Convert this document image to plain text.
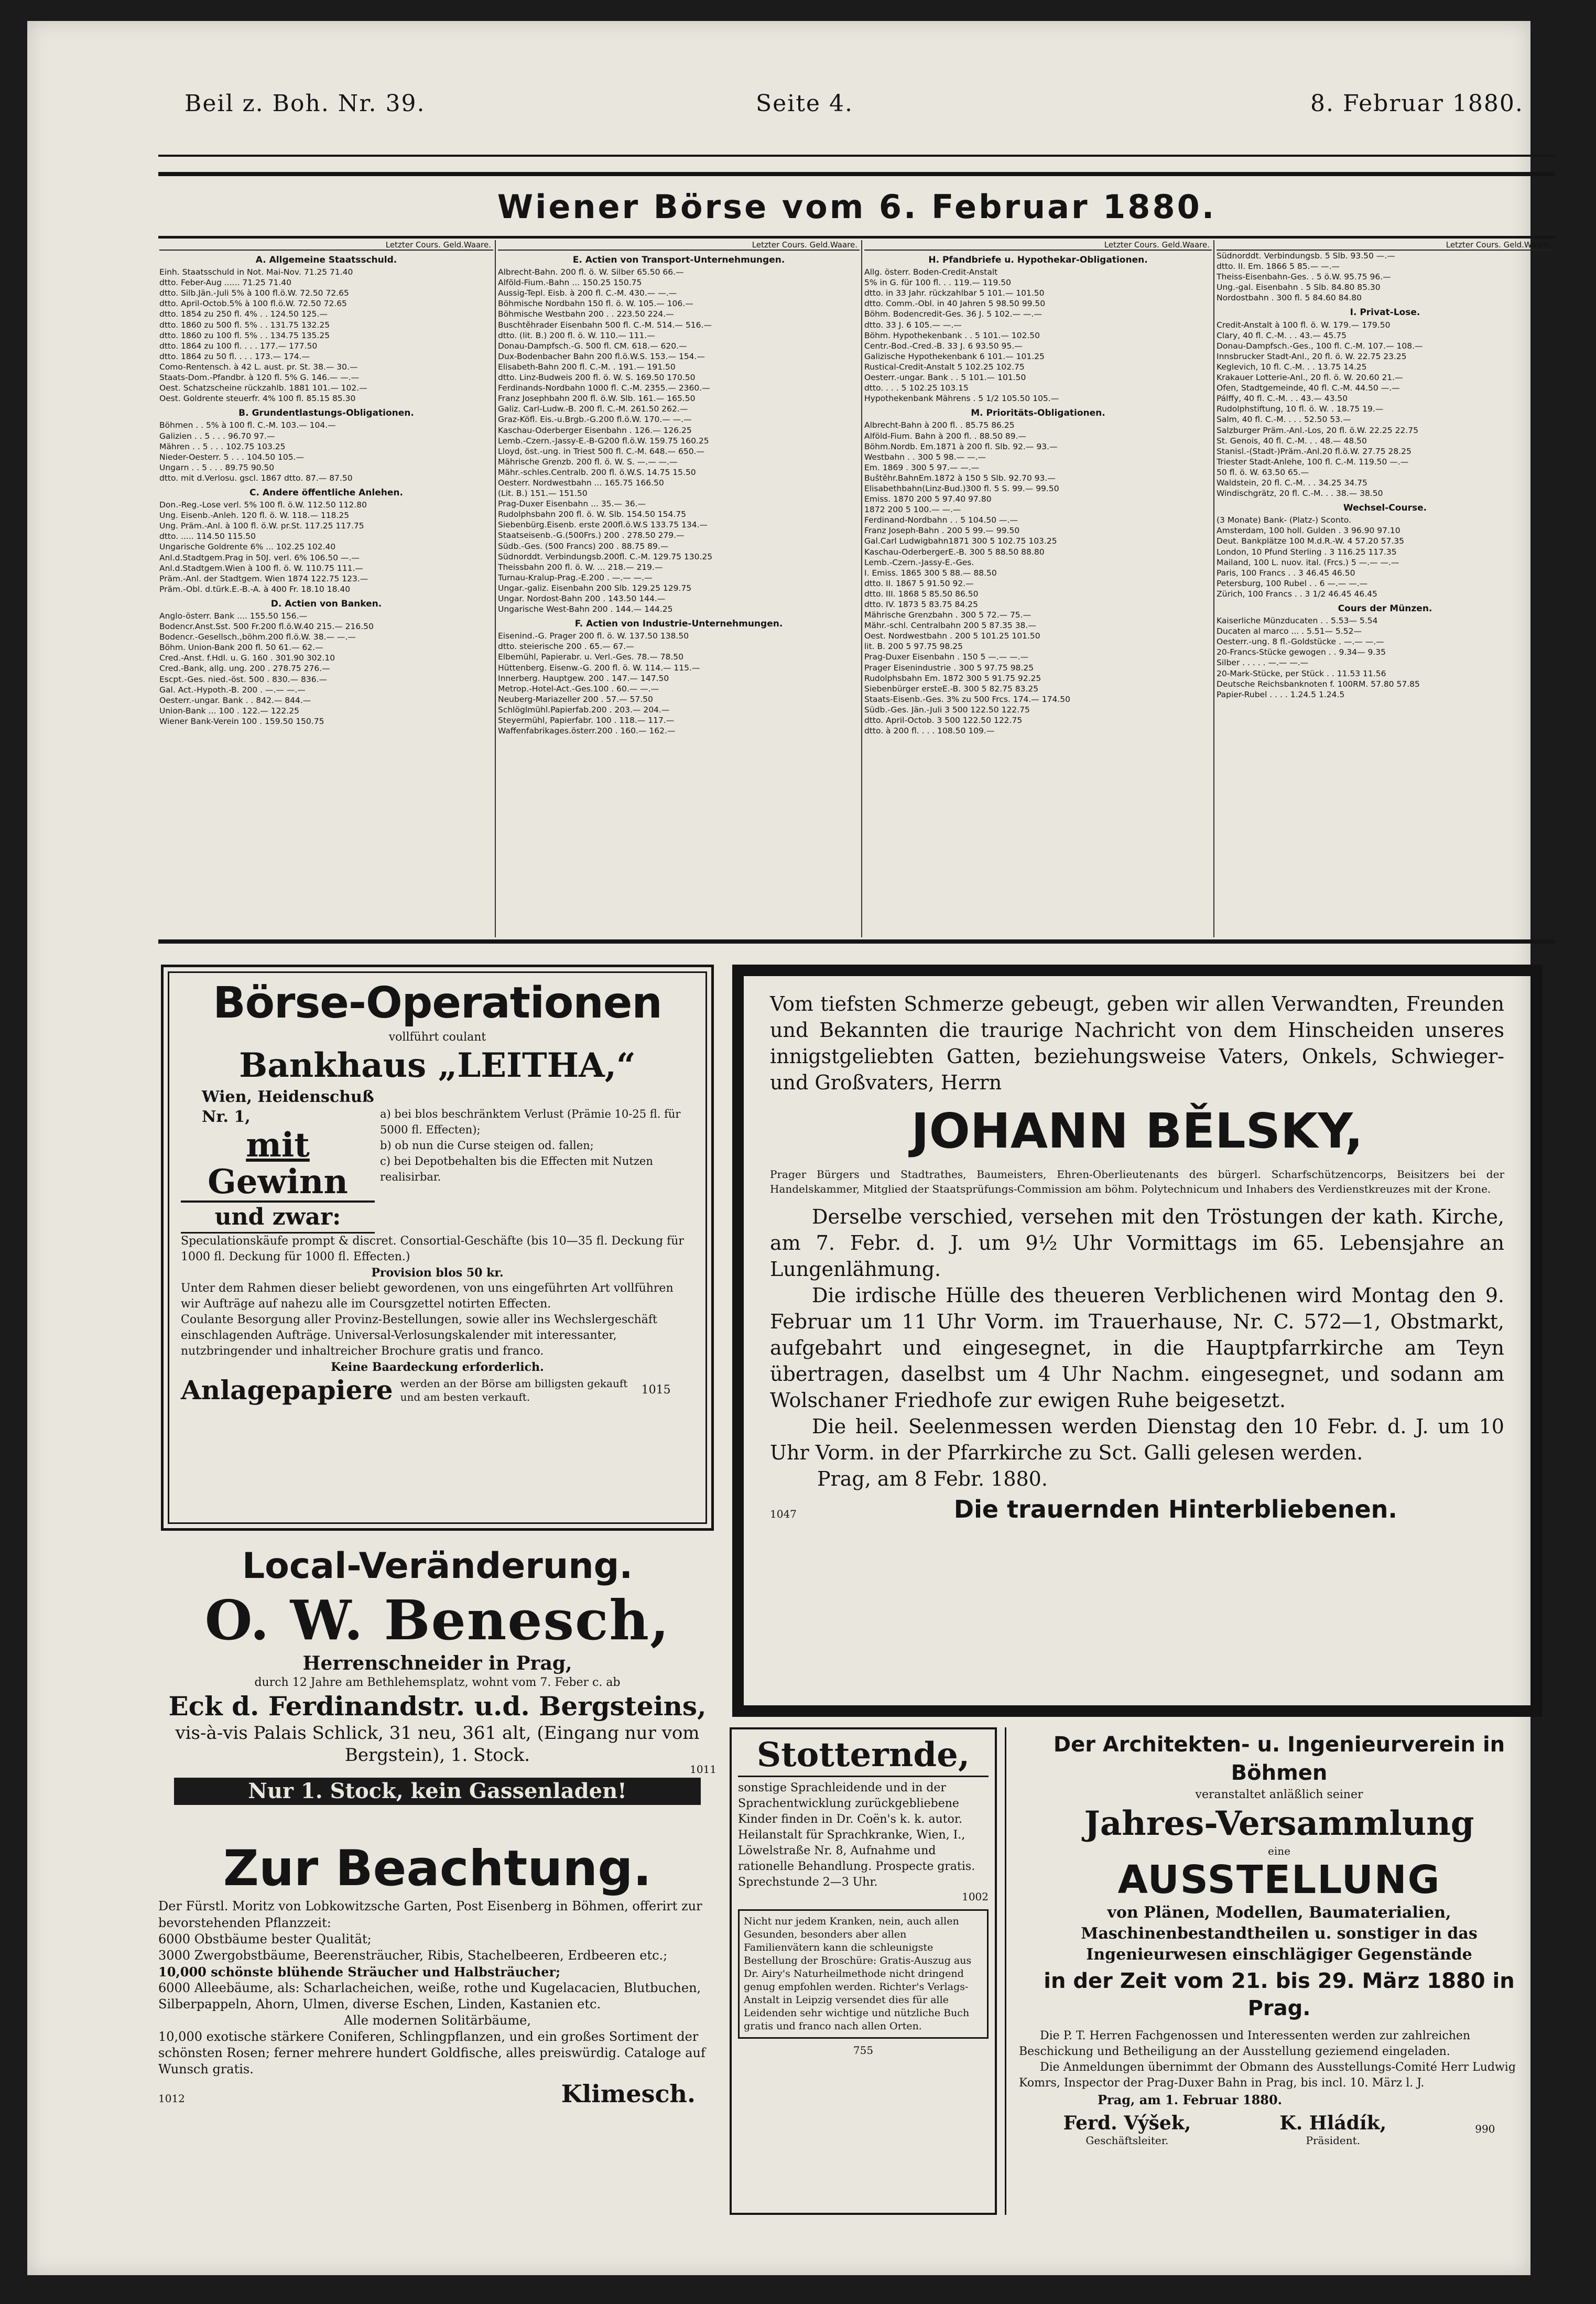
Beil z. Boh. Nr. 39.	Seite 4.	8. Februar 1880.
Wiener Börse vom 6. Februar 1880.
Letzter Cours. Geld.Waare.
A. Allgemeine Staatsschuld.
Einh. Staatsschuld in Not. Mai-Nov. 71.25 71.40
dtto. Feber-Aug ...... 71.25 71.40
dtto. Silb.Jän.-Juli 5% à 100 fl.ö.W. 72.50 72.65
dtto. April-Octob.5% à 100 fl.ö.W. 72.50 72.65
dtto. 1854 zu 250 fl. 4% . . 124.50 125.—
dtto. 1860 zu 500 fl. 5% . . 131.75 132.25
dtto. 1860 zu 100 fl. 5% . . 134.75 135.25
dtto. 1864 zu 100 fl. . . . 177.— 177.50
dtto. 1864 zu 50 fl. . . . 173.— 174.—
Como-Rentensch. à 42 L. aust. pr. St. 38.— 30.—
Staats-Dom.-Pfandbr. à 120 fl. 5% G. 146.— —.—
Oest. Schatzscheine rückzahlb. 1881 101.— 102.—
Oest. Goldrente steuerfr. 4% 100 fl. 85.15 85.30
B. Grundentlastungs-Obligationen.
Böhmen . . 5% à 100 fl. C.-M. 103.— 104.—
Galizien . . 5 . . . 96.70 97.—
Mähren . . 5 . . . 102.75 103.25
Nieder-Oesterr. 5 . . . 104.50 105.—
Ungarn . . 5 . . . 89.75 90.50
dtto. mit d.Verlosu. gscl. 1867 dtto. 87.— 87.50
C. Andere öffentliche Anlehen.
Don.-Reg.-Lose verl. 5% 100 fl. ö.W. 112.50 112.80
Ung. Eisenb.-Anleh. 120 fl. ö. W. 118.— 118.25
Ung. Präm.-Anl. à 100 fl. ö.W. pr.St. 117.25 117.75
dtto. ..... 114.50 115.50
Ungarische Goldrente 6% ... 102.25 102.40
Anl.d.Stadtgem.Prag in 50J. verl. 6% 106.50 —.—
Anl.d.Stadtgem.Wien à 100 fl. ö. W. 110.75 111.—
Präm.-Anl. der Stadtgem. Wien 1874 122.75 123.—
Präm.-Obl. d.türk.E.-B.-A. à 400 Fr. 18.10 18.40
D. Actien von Banken.
Anglo-österr. Bank .... 155.50 156.—
Bodencr.Anst.Sst. 500 Fr.200 fl.ö.W.40 215.— 216.50
Bodencr.-Gesellsch.,böhm.200 fl.ö.W. 38.— —.—
Böhm. Union-Bank 200 fl. 50 61.— 62.—
Cred.-Anst. f.Hdl. u. G. 160 . 301.90 302.10
Cred.-Bank, allg. ung. 200 . 278.75 276.—
Escpt.-Ges. nied.-öst. 500 . 830.— 836.—
Gal. Act.-Hypoth.-B. 200 . —.— —.—
Oesterr.-ungar. Bank . . 842.— 844.—
Union-Bank ... 100 . 122.— 122.25
Wiener Bank-Verein 100 . 159.50 150.75
Letzter Cours. Geld.Waare.
E. Actien von Transport-Unternehmungen.
Albrecht-Bahn. 200 fl. ö. W. Silber 65.50 66.—
Alföld-Fium.-Bahn ... 150.25 150.75
Aussig-Tepl. Eisb. à 200 fl. C.-M. 430.— —.—
Böhmische Nordbahn 150 fl. ö. W. 105.— 106.—
Böhmische Westbahn 200 . . 223.50 224.—
Buschtěhrader Eisenbahn 500 fl. C.-M. 514.— 516.—
dtto. (lit. B.) 200 fl. ö. W. 110.— 111.—
Donau-Dampfsch.-G. 500 fl. CM. 618.— 620.—
Dux-Bodenbacher Bahn 200 fl.ö.W.S. 153.— 154.—
Elisabeth-Bahn 200 fl. C.-M. . 191.— 191.50
dtto. Linz-Budweis 200 fl. ö. W. S. 169.50 170.50
Ferdinands-Nordbahn 1000 fl. C.-M. 2355.— 2360.—
Franz Josephbahn 200 fl. ö.W. Slb. 161.— 165.50
Galiz. Carl-Ludw.-B. 200 fl. C.-M. 261.50 262.—
Graz-Köfl. Eis.-u.Brgb.-G.200 fl.ö.W. 170.— —.—
Kaschau-Oderberger Eisenbahn . 126.— 126.25
Lemb.-Czern.-Jassy-E.-B-G200 fl.ö.W. 159.75 160.25
Lloyd, öst.-ung. in Triest 500 fl. C.-M. 648.— 650.—
Mährische Grenzb. 200 fl. ö. W. S. —.— —.—
Mähr.-schles.Centralb. 200 fl. ö.W.S. 14.75 15.50
Oesterr. Nordwestbahn ... 165.75 166.50
(Lit. B.) 151.— 151.50
Prag-Duxer Eisenbahn ... 35.— 36.—
Rudolphsbahn 200 fl. ö. W. Slb. 154.50 154.75
Siebenbürg.Eisenb. erste 200fl.ö.W.S 133.75 134.—
Staatseisenb.-G.(500Frs.) 200 . 278.50 279.—
Südb.-Ges. (500 Francs) 200 . 88.75 89.—
Südnorddt. Verbindungsb.200fl. C.-M. 129.75 130.25
Theissbahn 200 fl. ö. W. ... 218.— 219.—
Turnau-Kralup-Prag.-E.200 . —.— —.—
Ungar.-galiz. Eisenbahn 200 Slb. 129.25 129.75
Ungar. Nordost-Bahn 200 . 143.50 144.—
Ungarische West-Bahn 200 . 144.— 144.25
F. Actien von Industrie-Unternehmungen.
Eisenind.-G. Prager 200 fl. ö. W. 137.50 138.50
dtto. steierische 200 . 65.— 67.—
Elbemühl, Papierabr. u. Verl.-Ges. 78.— 78.50
Hüttenberg. Eisenw.-G. 200 fl. ö. W. 114.— 115.—
Innerberg. Hauptgew. 200 . 147.— 147.50
Metrop.-Hotel-Act.-Ges.100 . 60.— —.—
Neuberg-Mariazeller 200 . 57.— 57.50
Schlöglmühl.Papierfab.200 . 203.— 204.—
Steyermühl, Papierfabr. 100 . 118.— 117.—
Waffenfabrikages.österr.200 . 160.— 162.—
Letzter Cours. Geld.Waare.
H. Pfandbriefe u. Hypothekar-Obligationen.
Allg. österr. Boden-Credit-Anstalt
5% in G. für 100 fl. . . 119.— 119.50
dtto. in 33 Jahr. rückzahlbar 5 101.— 101.50
dtto. Comm.-Obl. in 40 Jahren 5 98.50 99.50
Böhm. Bodencredit-Ges. 36 J. 5 102.— —.—
dtto. 33 J. 6 105.— —.—
Böhm. Hypothekenbank . . 5 101.— 102.50
Centr.-Bod.-Cred.-B. 33 J. 6 93.50 95.—
Galizische Hypothekenbank 6 101.— 101.25
Rustical-Credit-Anstalt 5 102.25 102.75
Oesterr.-ungar. Bank . . 5 101.— 101.50
dtto. . . . 5 102.25 103.15
Hypothekenbank Mährens . 5 1/2 105.50 105.—
M. Prioritäts-Obligationen.
Albrecht-Bahn à 200 fl. . 85.75 86.25
Alföld-Fium. Bahn à 200 fl. . 88.50 89.—
Böhm.Nordb. Em.1871 à 200 fl. Slb. 92.— 93.—
Westbahn . . 300 5 98.— —.—
Em. 1869 . 300 5 97.— —.—
Buštěhr.BahnEm.1872 à 150 5 Slb. 92.70 93.—
Elisabethbahn(Linz-Bud.)300 fl. 5 S. 99.— 99.50
Emiss. 1870 200 5 97.40 97.80
1872 200 5 100.— —.—
Ferdinand-Nordbahn . . 5 104.50 —.—
Franz Joseph-Bahn . 200 5 99.— 99.50
Gal.Carl Ludwigbahn1871 300 5 102.75 103.25
Kaschau-OderbergerE.-B. 300 5 88.50 88.80
Lemb.-Czern.-Jassy-E.-Ges.
I. Emiss. 1865 300 5 88.— 88.50
dtto. II. 1867 5 91.50 92.—
dtto. III. 1868 5 85.50 86.50
dtto. IV. 1873 5 83.75 84.25
Mährische Grenzbahn . 300 5 72.— 75.—
Mähr.-schl. Centralbahn 200 5 87.35 38.—
Oest. Nordwestbahn . 200 5 101.25 101.50
lit. B. 200 5 97.75 98.25
Prag-Duxer Eisenbahn . 150 5 —.— —.—
Prager Eisenindustrie . 300 5 97.75 98.25
Rudolphsbahn Em. 1872 300 5 91.75 92.25
Siebenbürger ersteE.-B. 300 5 82.75 83.25
Staats-Eisenb.-Ges. 3% zu 500 Frcs. 174.— 174.50
Südb.-Ges. Jän.-Juli 3 500 122.50 122.75
dtto. April-Octob. 3 500 122.50 122.75
dtto. à 200 fl. . . . 108.50 109.—
Letzter Cours. Geld.Waare.
Südnorddt. Verbindungsb. 5 Slb. 93.50 —.—
dtto. II. Em. 1866 5 85.— —.—
Theiss-Eisenbahn-Ges. . 5 ö.W. 95.75 96.—
Ung.-gal. Eisenbahn . 5 Slb. 84.80 85.30
Nordostbahn . 300 fl. 5 84.60 84.80
I. Privat-Lose.
Credit-Anstalt à 100 fl. ö. W. 179.— 179.50
Clary, 40 fl. C.-M. . . 43.— 45.75
Donau-Dampfsch.-Ges., 100 fl. C.-M. 107.— 108.—
Innsbrucker Stadt-Anl., 20 fl. ö. W. 22.75 23.25
Keglevich, 10 fl. C.-M. . . 13.75 14.25
Krakauer Lotterie-Anl., 20 fl. ö. W. 20.60 21.—
Ofen, Stadtgemeinde, 40 fl. C.-M. 44.50 —.—
Pálffy, 40 fl. C.-M. . . 43.— 43.50
Rudolphstiftung, 10 fl. ö. W. . 18.75 19.—
Salm, 40 fl. C.-M. . . . 52.50 53.—
Salzburger Präm.-Anl.-Los, 20 fl. ö.W. 22.25 22.75
St. Genois, 40 fl. C.-M. . . 48.— 48.50
Stanisl.-(Stadt-)Präm.-Anl.20 fl.ö.W. 27.75 28.25
Triester Stadt-Anlehe, 100 fl. C.-M. 119.50 —.—
50 fl. ö. W. 63.50 65.—
Waldstein, 20 fl. C.-M. . . 34.25 34.75
Windischgrätz, 20 fl. C.-M. . . 38.— 38.50
Wechsel-Course.
(3 Monate) Bank- (Platz-) Sconto.
Amsterdam, 100 holl. Gulden . 3 96.90 97.10
Deut. Bankplätze 100 M.d.R.-W. 4 57.20 57.35
London, 10 Pfund Sterling . 3 116.25 117.35
Mailand, 100 L. nuov. ital. (Frcs.) 5 —.— —.—
Paris, 100 Francs . . 3 46.45 46.50
Petersburg, 100 Rubel . . 6 —.— —.—
Zürich, 100 Francs . . 3 1/2 46.45 46.45
Cours der Münzen.
Kaiserliche Münzducaten . . 5.53— 5.54
Ducaten al marco ... . 5.51— 5.52—
Oesterr.-ung. 8 fl.-Goldstücke . —.— —.—
20-Francs-Stücke gewogen . . 9.34— 9.35
Silber . . . . . —.— —.—
20-Mark-Stücke, per Stück . . 11.53 11.56
Deutsche Reichsbanknoten f. 100RM. 57.80 57.85
Papier-Rubel . . . . 1.24.5 1.24.5
Börse-Operationen
vollführt coulant
Bankhaus „LEITHA,“
Wien, Heidenschuß Nr. 1,
mit
Gewinn
und zwar:
a) bei blos beschränktem Verlust (Prämie 10-25 fl. für 5000 fl. Effecten);
b) ob nun die Curse steigen od. fallen;
c) bei Depotbehalten bis die Effecten mit Nutzen realisirbar.
Speculationskäufe prompt & discret. Consortial-Geschäfte (bis 10—35 fl. Deckung für 1000 fl. Deckung für 1000 fl. Effecten.)
Provision blos 50 kr.
Unter dem Rahmen dieser beliebt gewordenen, von uns eingeführten Art vollführen wir Aufträge auf nahezu alle im Coursgzettel notirten Effecten.
Coulante Besorgung aller Provinz-Bestellungen, sowie aller ins Wechslergeschäft einschlagenden Aufträge. Universal-Verlosungskalender mit interessanter, nutzbringender und inhaltreicher Brochure gratis und franco.
Keine Baardeckung erforderlich.
Anlagepapiere werden an der Börse am billigsten gekauft und am besten verkauft.
1015
Vom tiefsten Schmerze gebeugt, geben wir allen Verwandten, Freunden und Bekannten die traurige Nachricht von dem Hinscheiden unseres innigstgeliebten Gatten, beziehungsweise Vaters, Onkels, Schwieger- und Großvaters, Herrn
JOHANN BĚLSKY,
Prager Bürgers und Stadtrathes, Baumeisters, Ehren-Oberlieutenants des bürgerl. Scharfschützencorps, Beisitzers bei der Handelskammer, Mitglied der Staatsprüfungs-Commission am böhm. Polytechnicum und Inhabers des Verdienstkreuzes mit der Krone.
Derselbe verschied, versehen mit den Tröstungen der kath. Kirche, am 7. Febr. d. J. um 9½ Uhr Vormittags im 65. Lebensjahre an Lungenlähmung.
Die irdische Hülle des theueren Verblichenen wird Montag den 9. Februar um 11 Uhr Vorm. im Trauerhause, Nr. C. 572—1, Obstmarkt, aufgebahrt und eingesegnet, in die Hauptpfarrkirche am Teyn übertragen, daselbst um 4 Uhr Nachm. eingesegnet, und sodann am Wolschaner Friedhofe zur ewigen Ruhe beigesetzt.
Die heil. Seelenmessen werden Dienstag den 10 Febr. d. J. um 10 Uhr Vorm. in der Pfarrkirche zu Sct. Galli gelesen werden.
Prag, am 8 Febr. 1880.
1047	Die trauernden Hinterbliebenen.
Local-Veränderung.
O. W. Benesch,
Herrenschneider in Prag,
durch 12 Jahre am Bethlehemsplatz, wohnt vom 7. Feber c. ab
Eck d. Ferdinandstr. u.d. Bergsteins,
vis-à-vis Palais Schlick, 31 neu, 361 alt, (Eingang nur vom Bergstein), 1. Stock.
1011
Nur 1. Stock, kein Gassenladen!
Zur Beachtung.
Der Fürstl. Moritz von Lobkowitzsche Garten, Post Eisenberg in Böhmen, offerirt zur bevorstehenden Pflanzzeit:
6000 Obstbäume bester Qualität;
3000 Zwergobstbäume, Beerensträucher, Ribis, Stachelbeeren, Erdbeeren etc.;
10,000 schönste blühende Sträucher und Halbsträucher;
6000 Alleebäume, als: Scharlacheichen, weiße, rothe und Kugelacacien, Blutbuchen, Silberpappeln, Ahorn, Ulmen, diverse Eschen, Linden, Kastanien etc.
Alle modernen Solitärbäume,
10,000 exotische stärkere Coniferen, Schlingpflanzen, und ein großes Sortiment der schönsten Rosen; ferner mehrere hundert Goldfische, alles preiswürdig. Cataloge auf Wunsch gratis.
1012	Klimesch.
Stotternde,
sonstige Sprachleidende und in der Sprachentwicklung zurückgebliebene Kinder finden in Dr. Coën's k. k. autor. Heilanstalt für Sprachkranke, Wien, I., Löwelstraße Nr. 8, Aufnahme und rationelle Behandlung. Prospecte gratis. Sprechstunde 2—3 Uhr.
1002
Nicht nur jedem Kranken, nein, auch allen Gesunden, besonders aber allen Familienvätern kann die schleunigste Bestellung der Broschüre: Gratis-Auszug aus Dr. Airy's Naturheilmethode nicht dringend genug empfohlen werden. Richter's Verlags-Anstalt in Leipzig versendet dies für alle Leidenden sehr wichtige und nützliche Buch gratis und franco nach allen Orten.
755
Der Architekten- u. Ingenieurverein in Böhmen
veranstaltet anläßlich seiner
Jahres-Versammlung
eine
AUSSTELLUNG
von Plänen, Modellen, Baumaterialien, Maschinenbestandtheilen u. sonstiger in das Ingenieurwesen einschlägiger Gegenstände
in der Zeit vom 21. bis 29. März 1880 in Prag.
Die P. T. Herren Fachgenossen und Interessenten werden zur zahlreichen Beschickung und Betheiligung an der Ausstellung geziemend eingeladen.
Die Anmeldungen übernimmt der Obmann des Ausstellungs-Comité Herr Ludwig Komrs, Inspector der Prag-Duxer Bahn in Prag, bis incl. 10. März l. J.
Prag, am 1. Februar 1880.
Ferd. Výšek,
Geschäftsleiter.
K. Hládík,
Präsident.
990
